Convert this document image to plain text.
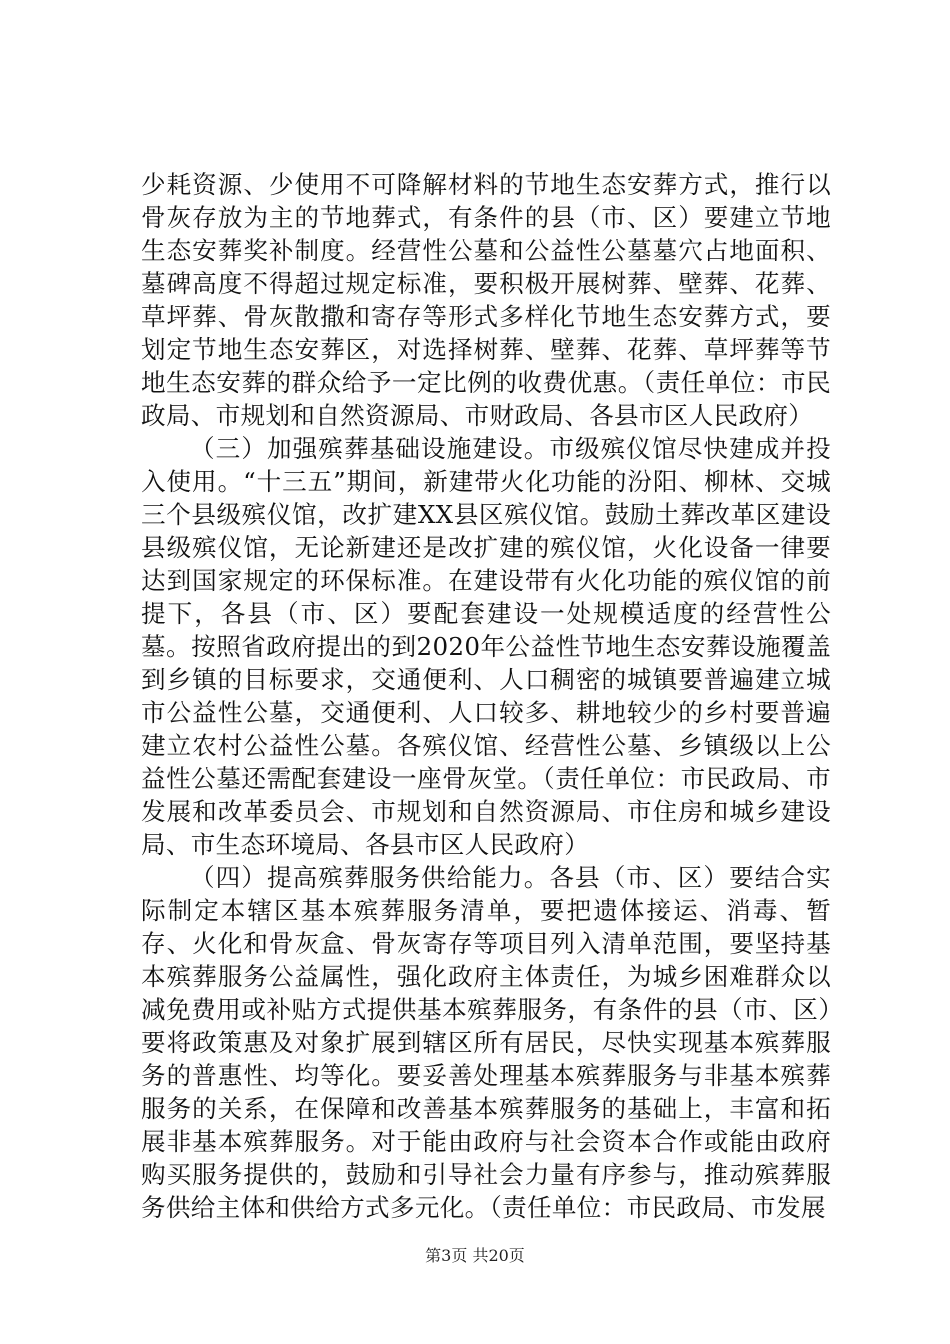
少耗资源、少使用不可降解材料的节地生态安葬方式，推行以骨灰存放为主的节地葬式，有条件的县（市、区）要建立节地生态安葬奖补制度。经营性公墓和公益性公墓墓穴占地面积、墓碑高度不得超过规定标准，要积极开展树葬、壁葬、花葬、草坪葬、骨灰散撒和寄存等形式多样化节地生态安葬方式，要划定节地生态安葬区，对选择树葬、壁葬、花葬、草坪葬等节地生态安葬的群众给予一定比例的收费优惠。（责任单位：市民政局、市规划和自然资源局、市财政局、各县市区人民政府）

（三）加强殡葬基础设施建设。市级殡仪馆尽快建成并投入使用。“十三五”期间，新建带火化功能的汾阳、柳林、交城三个县级殡仪馆，改扩建XX县区殡仪馆。鼓励土葬改革区建设县级殡仪馆，无论新建还是改扩建的殡仪馆，火化设备一律要达到国家规定的环保标准。在建设带有火化功能的殡仪馆的前提下，各县（市、区）要配套建设一处规模适度的经营性公墓。按照省政府提出的到2020年公益性节地生态安葬设施覆盖到乡镇的目标要求，交通便利、人口稠密的城镇要普遍建立城市公益性公墓，交通便利、人口较多、耕地较少的乡村要普遍建立农村公益性公墓。各殡仪馆、经营性公墓、乡镇级以上公益性公墓还需配套建设一座骨灰堂。（责任单位：市民政局、市发展和改革委员会、市规划和自然资源局、市住房和城乡建设局、市生态环境局、各县市区人民政府）

（四）提高殡葬服务供给能力。各县（市、区）要结合实际制定本辖区基本殡葬服务清单，要把遗体接运、消毒、暂存、火化和骨灰盒、骨灰寄存等项目列入清单范围，要坚持基本殡葬服务公益属性，强化政府主体责任，为城乡困难群众以减免费用或补贴方式提供基本殡葬服务，有条件的县（市、区）要将政策惠及对象扩展到辖区所有居民，尽快实现基本殡葬服务的普惠性、均等化。要妥善处理基本殡葬服务与非基本殡葬服务的关系，在保障和改善基本殡葬服务的基础上，丰富和拓展非基本殡葬服务。对于能由政府与社会资本合作或能由政府购买服务提供的，鼓励和引导社会力量有序参与，推动殡葬服务供给主体和供给方式多元化。（责任单位：市民政局、市发展

第3页 共20页
